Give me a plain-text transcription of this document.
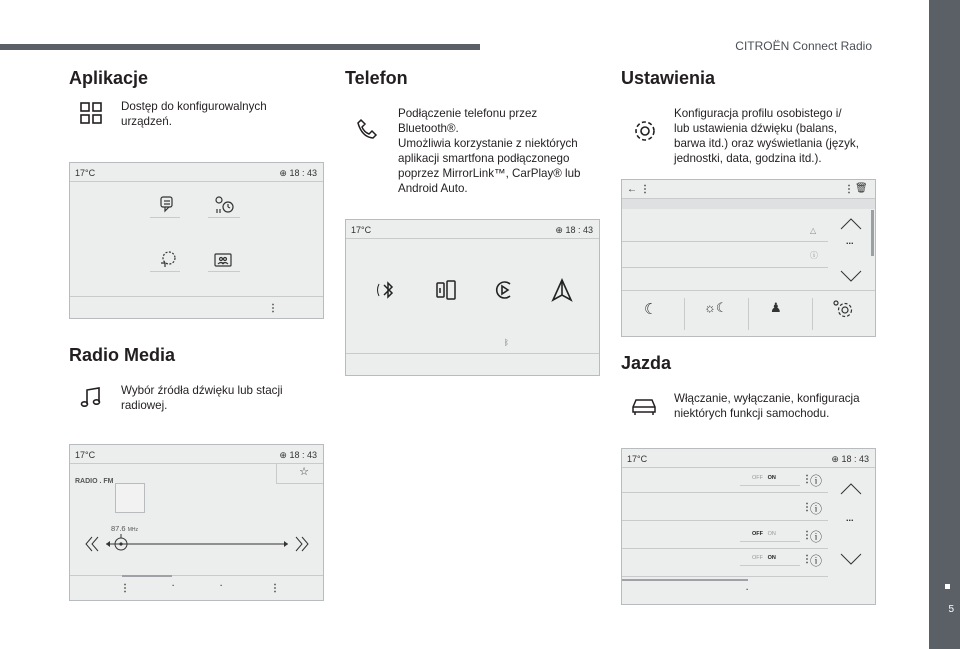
CITROËN Connect Radio
5
Aplikacje
Dostęp do konfigurowalnych
urządzeń.
17°C	⊕ 18 : 43
⋮
Radio Media
Wybór źródła dźwięku lub stacji
radiowej.
17°C	⊕ 18 : 43
RADIO . FM
☆
87.6 MHz
⋮	·	·	⋮
Telefon
Podłączenie telefonu przez
Bluetooth®.
Umożliwia korzystanie z niektórych
aplikacji smartfona podłączonego
poprzez MirrorLink™, CarPlay® lub
Android Auto.
17°C	⊕ 18 : 43
ᛒ
Ustawienia
Konfiguracja profilu osobistego i/
lub ustawienia dźwięku (balans,
barwa itd.) oraz wyświetlania (język,
jednostki, data, godzina itd.).
← ⋮	⋮ 🗑
△
ⓘ
...
☾	☼☾	♟
Jazda
Włączanie, wyłączanie, konfiguracja
niektórych funkcji samochodu.
17°C	⊕ 18 : 43
OFF ON	⋮
ⓘ
⋮
ⓘ
OFF ON	⋮
ⓘ
OFF ON	⋮
ⓘ
...
·
